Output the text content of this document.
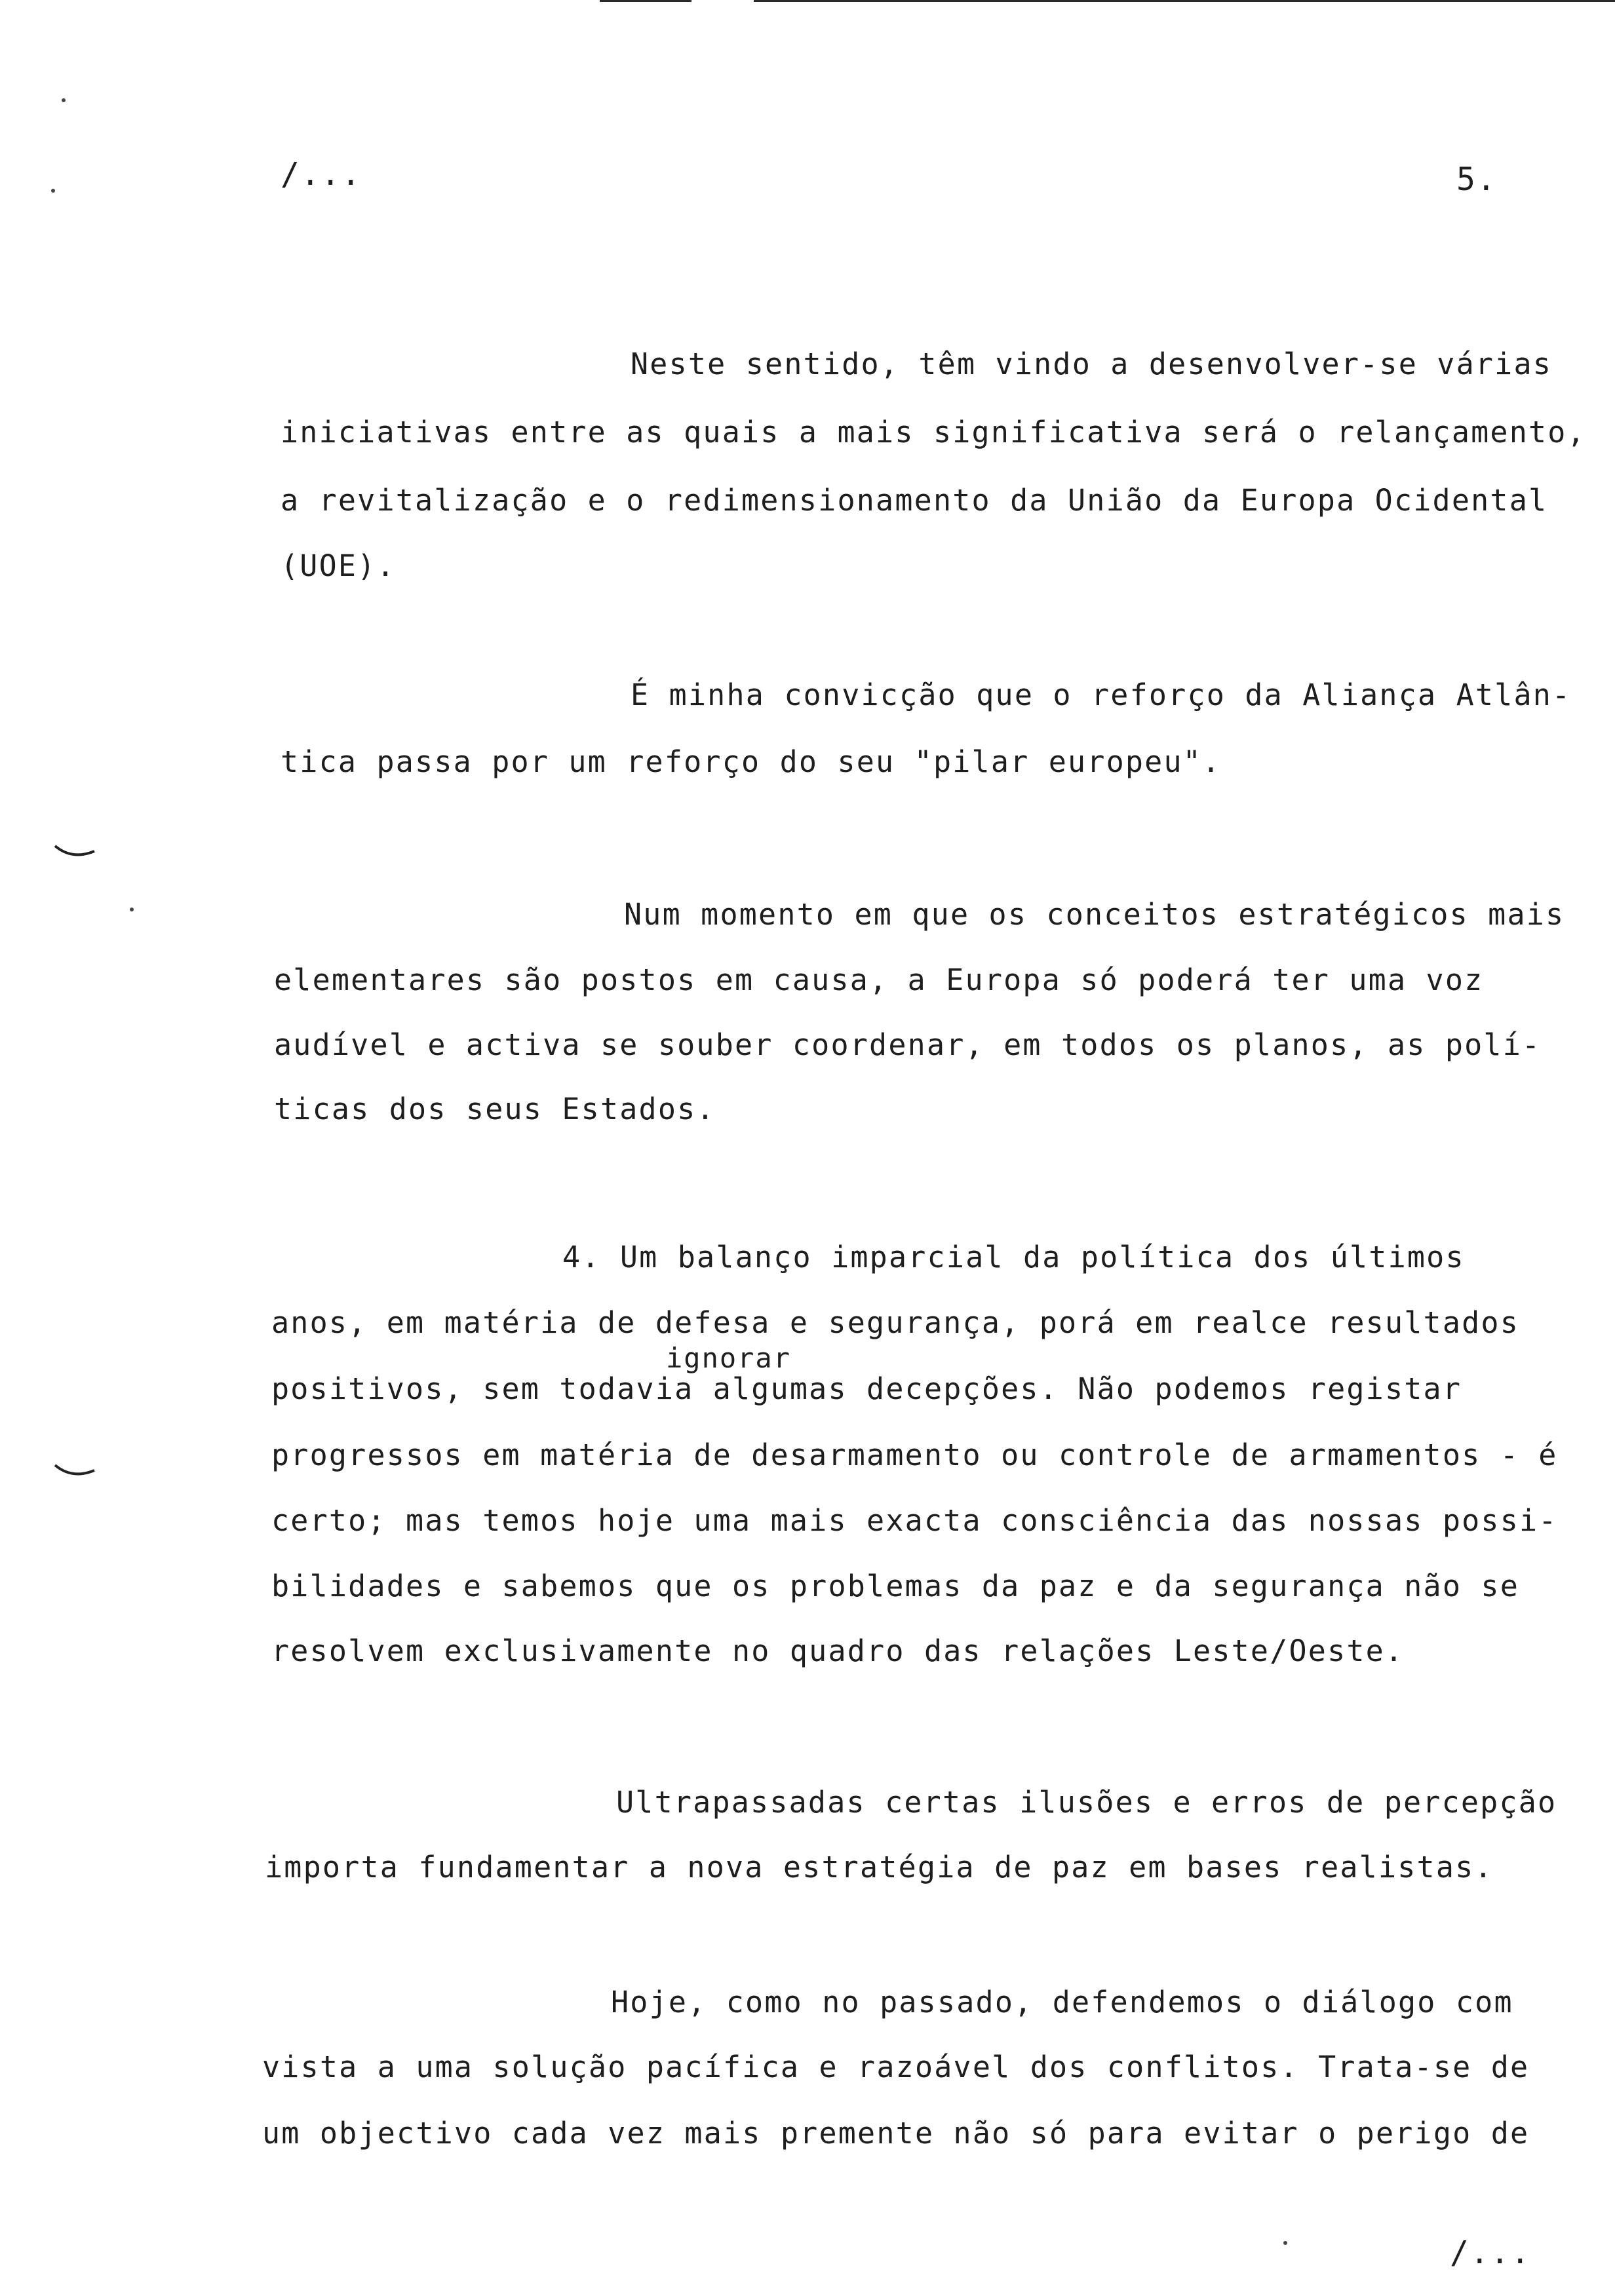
/...	5.
Neste sentido, têm vindo a desenvolver-se várias
iniciativas entre as quais a mais significativa será o relançamento,
a revitalização e o redimensionamento da União da Europa Ocidental
(UOE).
É minha convicção que o reforço da Aliança Atlân-
tica passa por um reforço do seu "pilar europeu".
Num momento em que os conceitos estratégicos mais
elementares são postos em causa, a Europa só poderá ter uma voz
audível e activa se souber coordenar, em todos os planos, as polí-
ticas dos seus Estados.
4. Um balanço imparcial da política dos últimos
anos, em matéria de defesa e segurança, porá em realce resultados
ignorar
positivos, sem todavia algumas decepções. Não podemos registar
progressos em matéria de desarmamento ou controle de armamentos - é
certo; mas temos hoje uma mais exacta consciência das nossas possi-
bilidades e sabemos que os problemas da paz e da segurança não se
resolvem exclusivamente no quadro das relações Leste/Oeste.
Ultrapassadas certas ilusões e erros de percepção
importa fundamentar a nova estratégia de paz em bases realistas.
Hoje, como no passado, defendemos o diálogo com
vista a uma solução pacífica e razoável dos conflitos. Trata-se de
um objectivo cada vez mais premente não só para evitar o perigo de
/...
